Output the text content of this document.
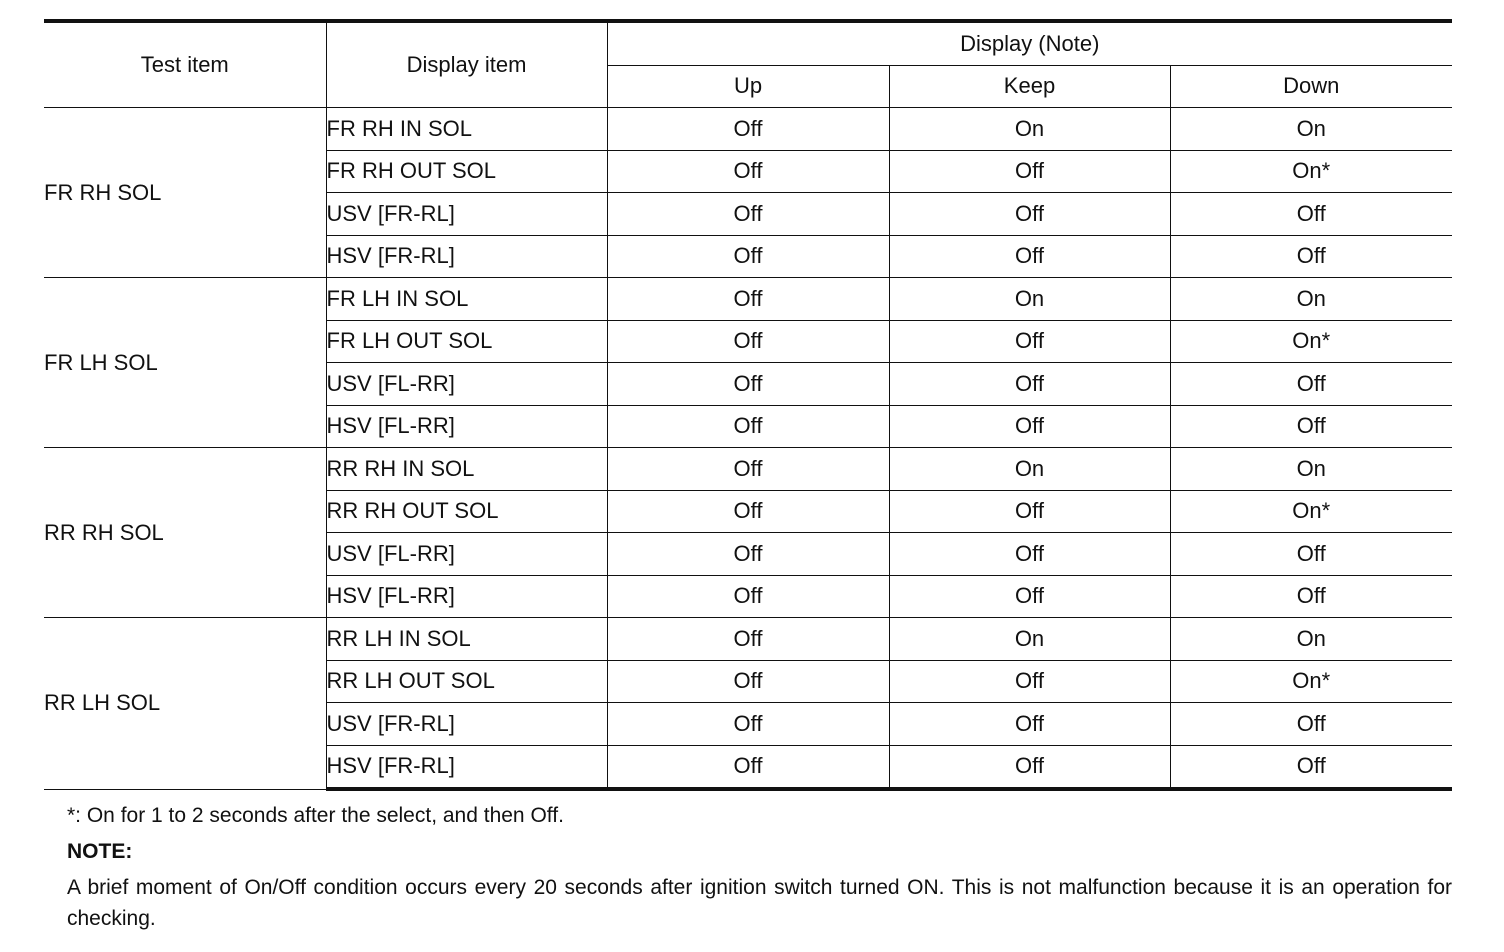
Test item	Display item	Display (Note)		
		Up	Keep	Down
FR RH SOL	FR RH IN SOL	Off	On	On
	FR RH OUT SOL	Off	Off	On*
	USV [FR-RL]	Off	Off	Off
	HSV [FR-RL]	Off	Off	Off
FR LH SOL	FR LH IN SOL	Off	On	On
	FR LH OUT SOL	Off	Off	On*
	USV [FL-RR]	Off	Off	Off
	HSV [FL-RR]	Off	Off	Off
RR RH SOL	RR RH IN SOL	Off	On	On
	RR RH OUT SOL	Off	Off	On*
	USV [FL-RR]	Off	Off	Off
	HSV [FL-RR]	Off	Off	Off
RR LH SOL	RR LH IN SOL	Off	On	On
	RR LH OUT SOL	Off	Off	On*
	USV [FR-RL]	Off	Off	Off
	HSV [FR-RL]	Off	Off	Off

*: On for 1 to 2 seconds after the select, and then Off.

NOTE:

A brief moment of On/Off condition occurs every 20 seconds after ignition switch turned ON. This is not malfunction because it is an operation for checking.
